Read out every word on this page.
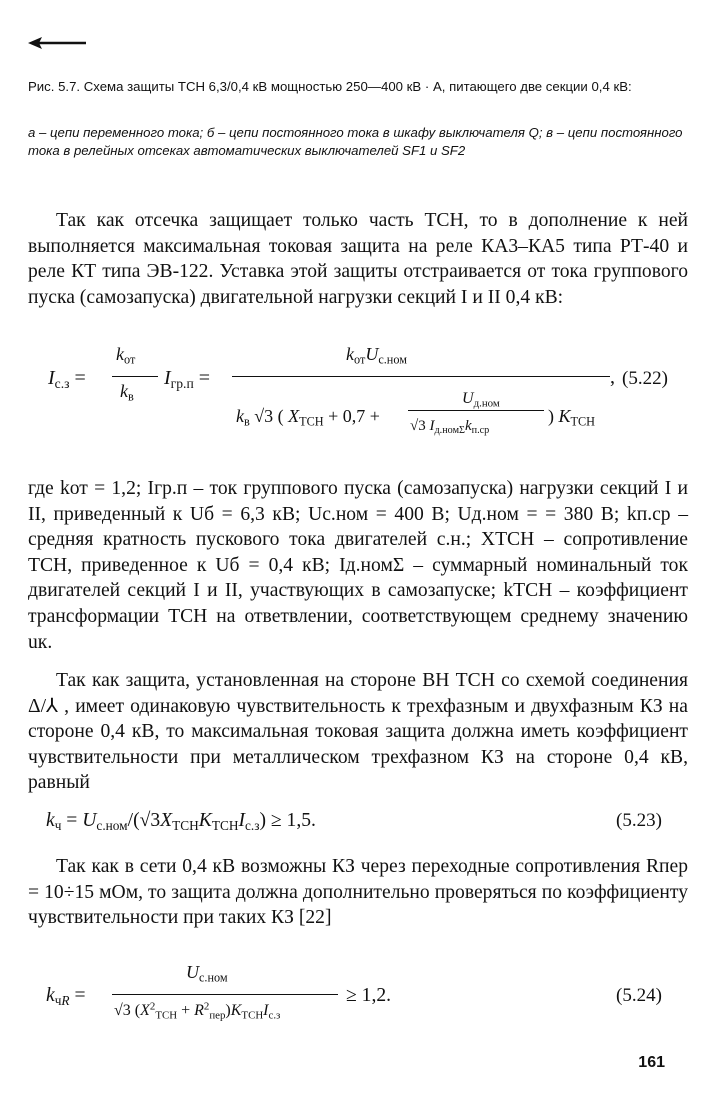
Рис. 5.7. Схема защиты ТСН 6,3/0,4 кВ мощностью 250—400 кВ · А, питающего две секции 0,4 кВ:
а – цепи переменного тока; б – цепи постоянного тока в шкафу выключателя Q; в – цепи постоянного тока в релейных отсеках автоматических выключателей SF1 и SF2
Так как отсечка защищает только часть ТСН, то в дополнение к ней выполняется максимальная токовая защита на реле КА3–КА5 типа РТ-40 и реле КТ типа ЭВ-122. Уставка этой защиты отстраивается от тока группового пуска (самозапуска) двигательной нагрузки секций I и II 0,4 кВ:
$I_{с.з}$ =
$k_{от}$
$k_в$
$I_{гр.п}$ =
$k_{от}U_{с.ном}$
$k_в$ √3 ( $X_{ТСН} + 0,7$ +
$U_{д.ном}$
√3 $I_{д.ном\Sigma}k_{п.ср}$
) $K_{ТСН}$
, (5.22)
где kот = 1,2; Iгр.п – ток группового пуска (самозапуска) нагрузки секций I и II, приведенный к Uб = 6,3 кВ; Uс.ном = 400 В; Uд.ном = = 380 В; kп.ср – средняя кратность пускового тока двигателей с.н.; XТСН – сопротивление ТСН, приведенное к Uб = 0,4 кВ; Iд.номΣ – суммарный номинальный ток двигателей секций I и II, участвующих в самозапуске; kТСН – коэффициент трансформации ТСН на ответвлении, соответствующем среднему значению uк.
Так как защита, установленная на стороне ВН ТСН со схемой соединения Δ/⅄ , имеет одинаковую чувствительность к трехфазным и двухфазным КЗ на стороне 0,4 кВ, то максимальная токовая защита должна иметь коэффициент чувствительности при металлическом трехфазном КЗ на стороне 0,4 кВ, равный
$k_ч = U_{с.ном}/(√3X_{ТСН}K_{ТСН}I_{с.з}) \ge 1,5$.	(5.23)
Так как в сети 0,4 кВ возможны КЗ через переходные сопротивления Rпер = 10÷15 мОм, то защита должна дополнительно проверяться по коэффициенту чувствительности при таких КЗ [22]
$k_{чR}$ =
$U_{с.ном}$
√3 $(X^2_{ТСН} + R^2_{пер})K_{ТСН}I_{с.з}$
≥ 1,2.	(5.24)
161
